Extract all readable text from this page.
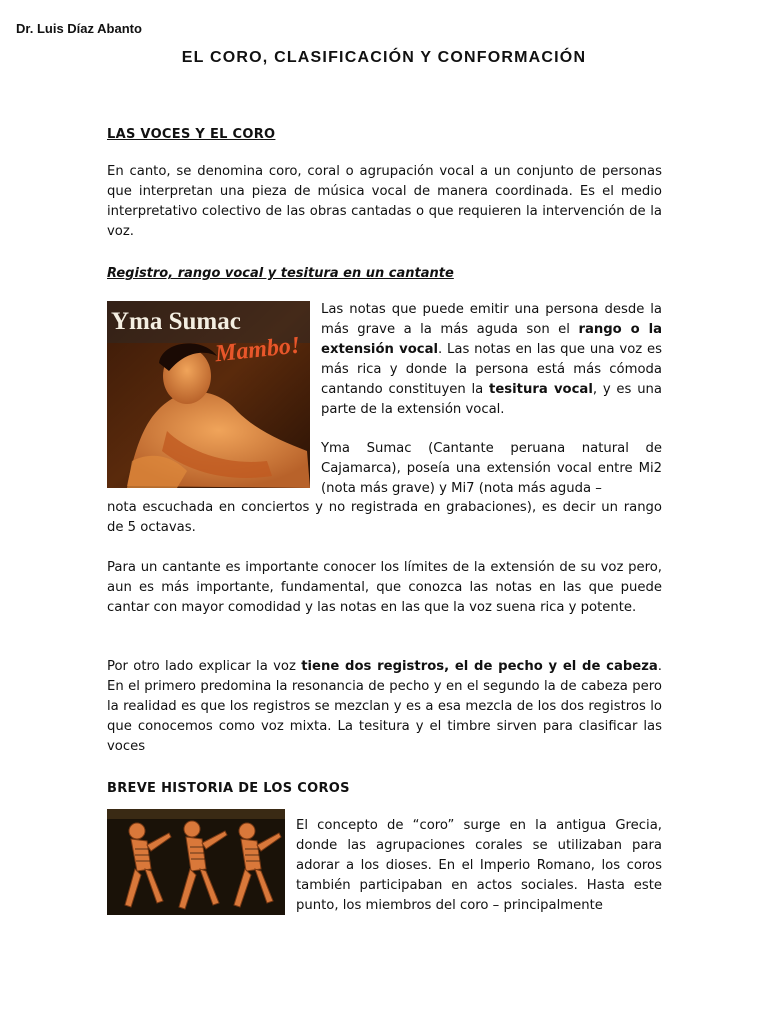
Dr. Luis Díaz Abanto
EL CORO, CLASIFICACIÓN Y CONFORMACIÓN
LAS VOCES Y EL CORO
En canto, se denomina coro, coral o agrupación vocal a un conjunto de personas que interpretan una pieza de música vocal de manera coordinada. Es el medio interpretativo colectivo de las obras cantadas o que requieren la intervención de la voz.
Registro, rango vocal y tesitura en un cantante
Yma Sumac
Mambo!
Las notas que puede emitir una persona desde la más grave a la más aguda son el rango o la extensión vocal. Las notas en las que una voz es más rica y donde la persona está más cómoda cantando constituyen la tesitura vocal, y es una parte de la extensión vocal.
Yma Sumac (Cantante peruana natural de Cajamarca), poseía una extensión vocal entre Mi2 (nota más grave) y Mi7 (nota más aguda –
nota escuchada en conciertos y no registrada en grabaciones), es decir un rango de 5 octavas.
Para un cantante es importante conocer los límites de la extensión de su voz pero, aun es más importante, fundamental, que conozca las notas en las que puede cantar con mayor comodidad y las notas en las que la voz suena rica y potente.
Por otro lado explicar la voz tiene dos registros, el de pecho y el de cabeza. En el primero predomina la resonancia de pecho y en el segundo la de cabeza pero la realidad es que los registros se mezclan y es a esa mezcla de los dos registros lo que conocemos como voz mixta. La tesitura y el timbre sirven para clasificar las voces
BREVE HISTORIA DE LOS COROS
El concepto de “coro” surge en la antigua Grecia, donde las agrupaciones corales se utilizaban para adorar a los dioses. En el Imperio Romano, los coros también participaban en actos sociales. Hasta este punto, los miembros del coro – principalmente
